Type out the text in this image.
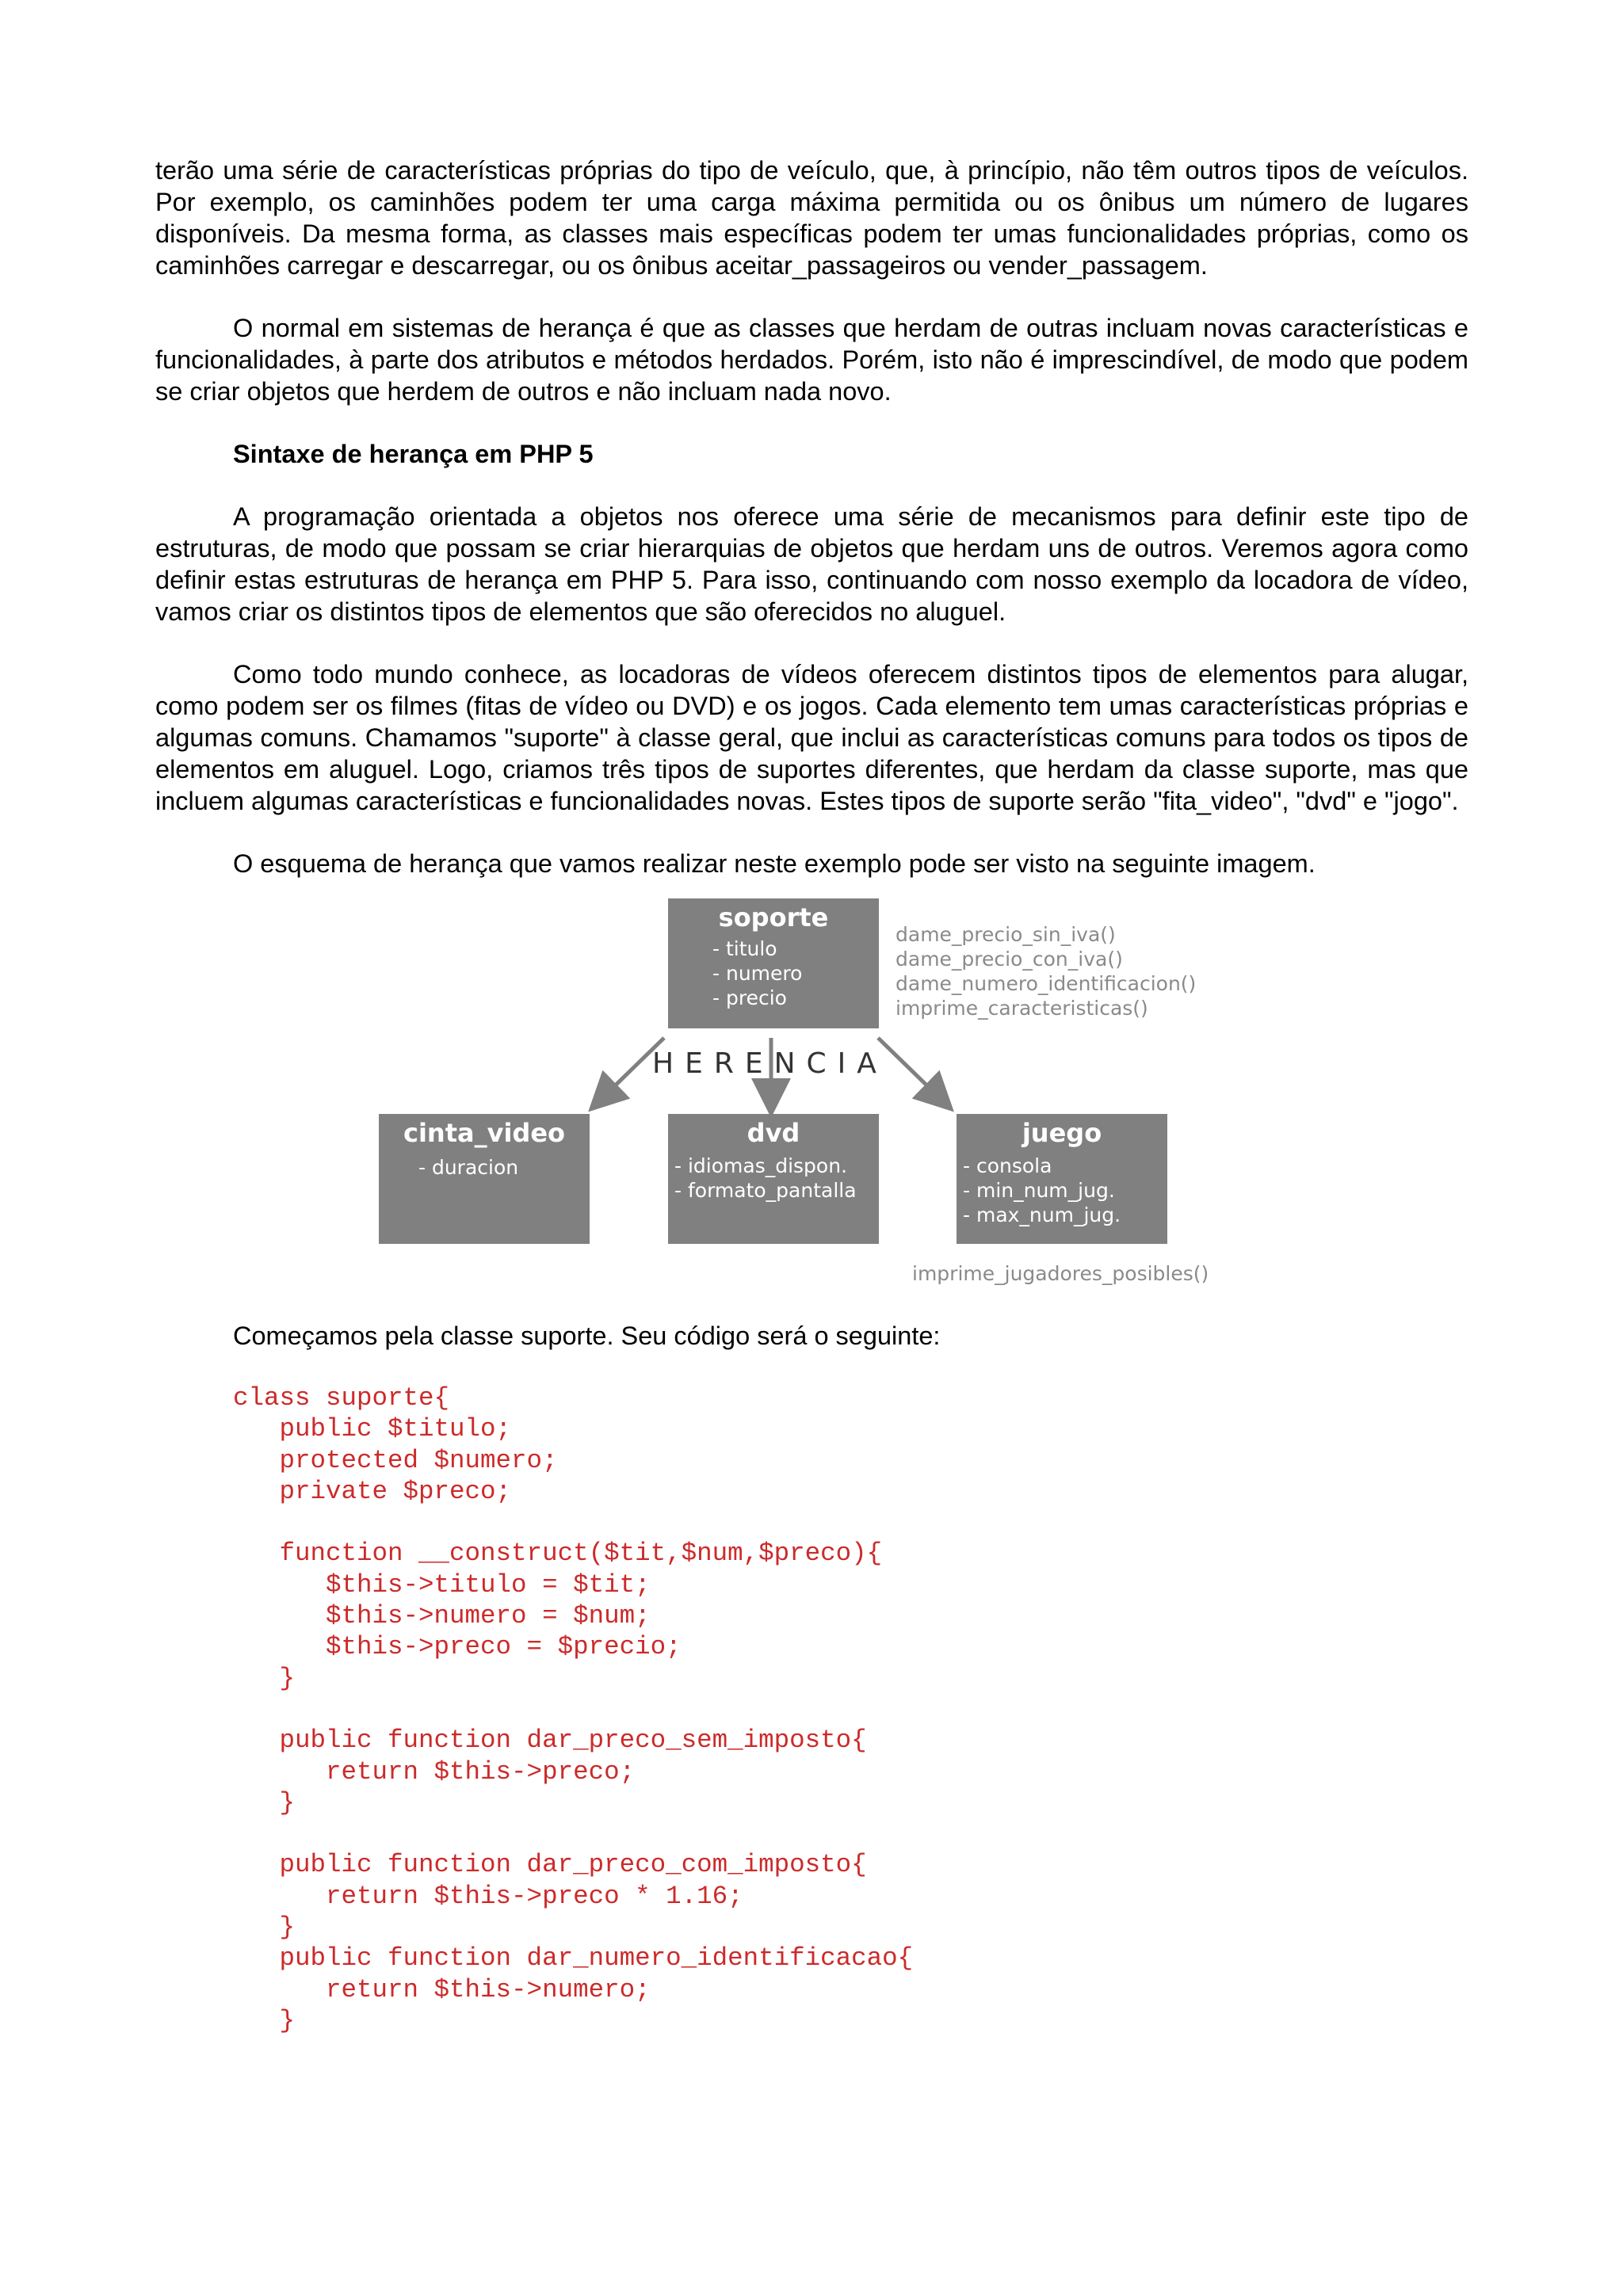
terão uma série de características próprias do tipo de veículo, que, à princípio, não têm outros tipos de veículos. Por exemplo, os caminhões podem ter uma carga máxima permitida ou os ônibus um número de lugares disponíveis. Da mesma forma, as classes mais específicas podem ter umas funcionalidades próprias, como os caminhões carregar e descarregar, ou os ônibus aceitar_passageiros ou vender_passagem.

O normal em sistemas de herança é que as classes que herdam de outras incluam novas características e funcionalidades, à parte dos atributos e métodos herdados. Porém, isto não é imprescindível, de modo que podem se criar objetos que herdem de outros e não incluam nada novo.

Sintaxe de herança em PHP 5

A programação orientada a objetos nos oferece uma série de mecanismos para definir este tipo de estruturas, de modo que possam se criar hierarquias de objetos que herdam uns de outros. Veremos agora como definir estas estruturas de herança em PHP 5. Para isso, continuando com nosso exemplo da locadora de vídeo, vamos criar os distintos tipos de elementos que são oferecidos no aluguel.

Como todo mundo conhece, as locadoras de vídeos oferecem distintos tipos de elementos para alugar, como podem ser os filmes (fitas de vídeo ou DVD) e os jogos. Cada elemento tem umas características próprias e algumas comuns. Chamamos "suporte" à classe geral, que inclui as características comuns para todos os tipos de elementos em aluguel. Logo, criamos três tipos de suportes diferentes, que herdam da classe suporte, mas que incluem algumas características e funcionalidades novas. Estes tipos de suporte serão "fita_video", "dvd" e "jogo".

O esquema de herança que vamos realizar neste exemplo pode ser visto na seguinte imagem.

soporte
- titulo
- numero
- precio
dame_precio_sin_iva()
dame_precio_con_iva()
dame_numero_identificacion()
imprime_caracteristicas()
HERENCIA
cinta_video
- duracion
dvd
- idiomas_dispon.
- formato_pantalla
juego
- consola
- min_num_jug.
- max_num_jug.
imprime_jugadores_posibles()
Começamos pela classe suporte. Seu código será o seguinte:
class suporte{
public $titulo;
protected $numero;
private $preco;

function __construct($tit,$num,$preco){
$this->titulo = $tit;
$this->numero = $num;
$this->preco = $precio;
}

public function dar_preco_sem_imposto{
return $this->preco;
}

public function dar_preco_com_imposto{
return $this->preco * 1.16;
}
public function dar_numero_identificacao{
return $this->numero;
}
